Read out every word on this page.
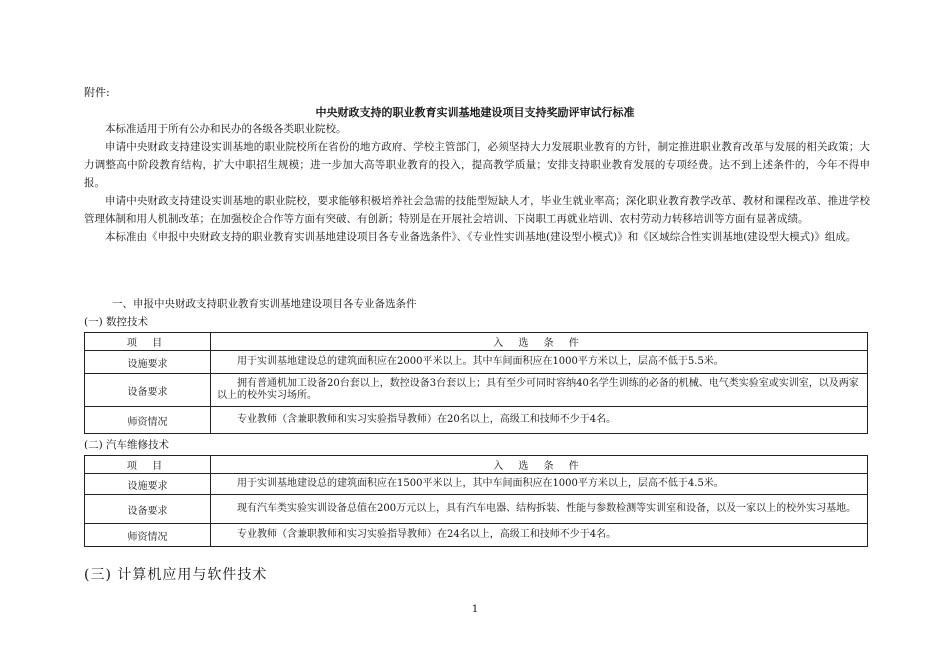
附件:
中央财政支持的职业教育实训基地建设项目支持奖励评审试行标准

本标准适用于所有公办和民办的各级各类职业院校。

申请中央财政支持建设实训基地的职业院校所在省份的地方政府、学校主管部门，必须坚持大力发展职业教育的方针，制定推进职业教育改革与发展的相关政策；大力调整高中阶段教育结构，扩大中职招生规模；进一步加大高等职业教育的投入，提高教学质量；安排支持职业教育发展的专项经费。达不到上述条件的，今年不得申报。

申请中央财政支持建设实训基地的职业院校，要求能够积极培养社会急需的技能型短缺人才，毕业生就业率高；深化职业教育教学改革、教材和课程改革、推进学校管理体制和用人机制改革；在加强校企合作等方面有突破、有创新；特别是在开展社会培训、下岗职工再就业培训、农村劳动力转移培训等方面有显著成绩。

本标准由《申报中央财政支持的职业教育实训基地建设项目各专业备选条件》、《专业性实训基地(建设型小模式)》和《区域综合性实训基地(建设型大模式)》组成。

一、申报中央财政支持职业教育实训基地建设项目各专业备选条件
(一) 数控技术
项 目	入 选 条 件
设施要求	用于实训基地建设总的建筑面积应在2000平米以上。其中车间面积应在1000平方米以上，层高不低于5.5米。
设备要求	拥有普通机加工设备20台套以上，数控设备3台套以上；具有至少可同时容纳40名学生训练的必备的机械、电气类实验室或实训室，以及两家以上的校外实习场所。
师资情况	专业教师（含兼职教师和实习实验指导教师）在20名以上，高级工和技师不少于4名。
(二) 汽车维修技术
项 目	入 选 条 件
设施要求	用于实训基地建设总的建筑面积应在1500平米以上，其中车间面积应在1000平方米以上，层高不低于4.5米。
设备要求	现有汽车类实验实训设备总值在200万元以上，具有汽车电器、结构拆装、性能与参数检测等实训室和设备，以及一家以上的校外实习基地。
师资情况	专业教师（含兼职教师和实习实验指导教师）在24名以上，高级工和技师不少于4名。
(三) 计算机应用与软件技术
1
